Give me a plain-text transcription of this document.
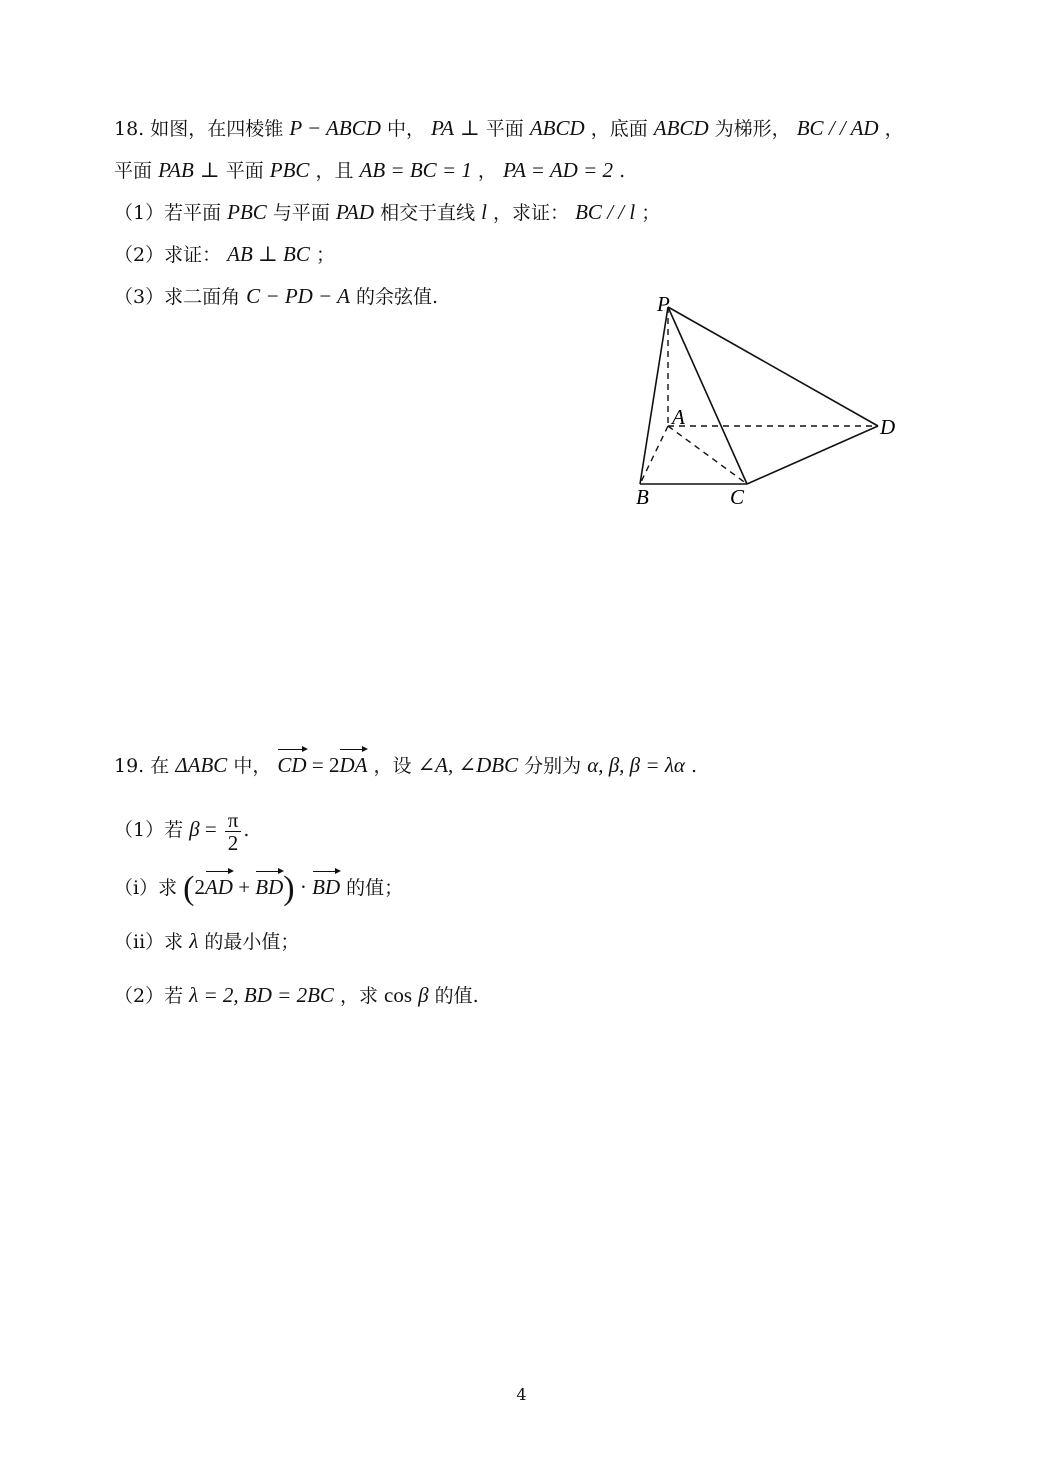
18. 如图，在四棱锥 P − ABCD 中， PA ⊥ 平面 ABCD ，底面 ABCD 为梯形， BC / / AD ，
平面 PAB ⊥ 平面 PBC ，且 AB = BC = 1 ， PA = AD = 2 .
（1）若平面 PBC 与平面 PAD 相交于直线 l ，求证： BC / / l ；
（2）求证： AB ⊥ BC ；
（3）求二面角 C − PD − A 的余弦值.	P
A	D
B	C
19. 在 ΔABC 中， CD = 2DA ，设 ∠A, ∠DBC 分别为 α, β, β = λα .
（1）若 $\beta = \frac{\pi}{2}$ .
（i）求 (2AD + BD) · BD 的值；
（ii）求 λ 的最小值；
（2）若 λ = 2, BD = 2BC ，求 cos β 的值.
4
